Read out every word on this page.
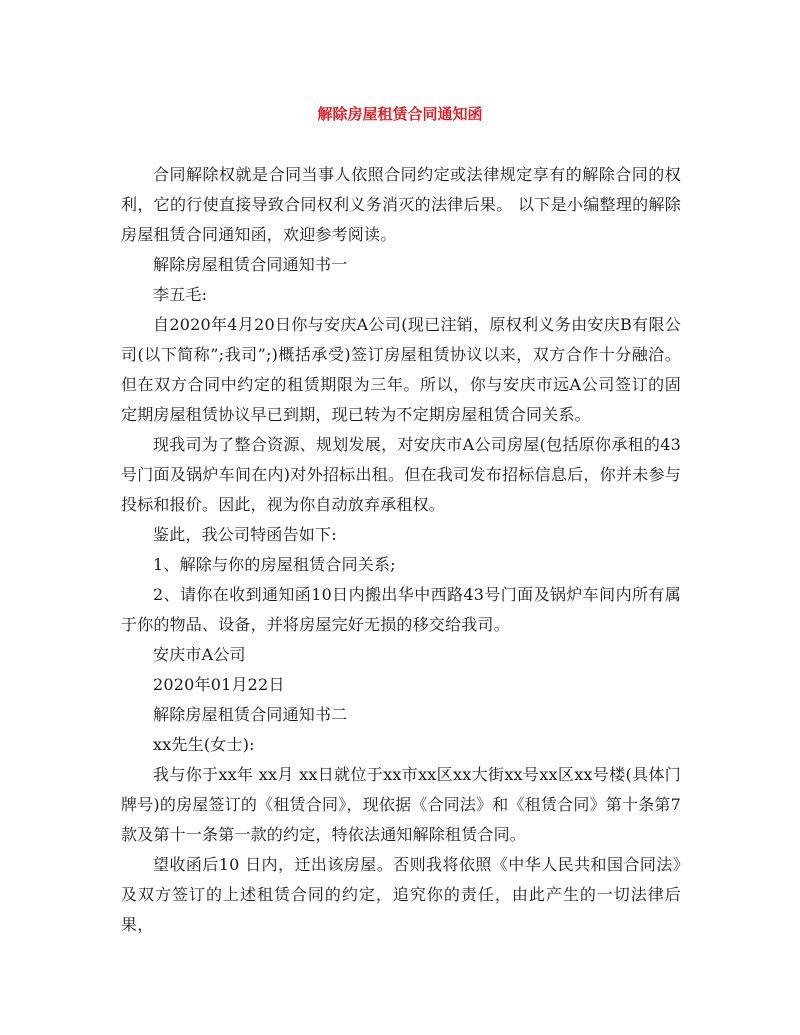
解除房屋租赁合同通知函

合同解除权就是合同当事人依照合同约定或法律规定享有的解除合同的权利，它的行使直接导致合同权利义务消灭的法律后果。 以下是小编整理的解除房屋租赁合同通知函，欢迎参考阅读。

解除房屋租赁合同通知书一

李五毛:

自2020年4月20日你与安庆A公司(现已注销，原权利义务由安庆B有限公司(以下简称”;我司”;)概括承受)签订房屋租赁协议以来，双方合作十分融洽。但在双方合同中约定的租赁期限为三年。所以，你与安庆市远A公司签订的固定期房屋租赁协议早已到期，现已转为不定期房屋租赁合同关系。

现我司为了整合资源、规划发展，对安庆市A公司房屋(包括原你承租的43号门面及锅炉车间在内)对外招标出租。但在我司发布招标信息后，你并未参与投标和报价。因此，视为你自动放弃承租权。

鉴此，我公司特函告如下:

1、解除与你的房屋租赁合同关系;

2、请你在收到通知函10日内搬出华中西路43号门面及锅炉车间内所有属于你的物品、设备，并将房屋完好无损的移交给我司。

安庆市A公司

2020年01月22日

解除房屋租赁合同通知书二

xx先生(女士):

我与你于xx年 xx月 xx日就位于xx市xx区xx大街xx号xx区xx号楼(具体门牌号)的房屋签订的《租赁合同》，现依据《合同法》和《租赁合同》第十条第7款及第十一条第一款的约定，特依法通知解除租赁合同。

望收函后10 日内，迁出该房屋。否则我将依照《中华人民共和国合同法》及双方签订的上述租赁合同的约定，追究你的责任，由此产生的一切法律后果，
